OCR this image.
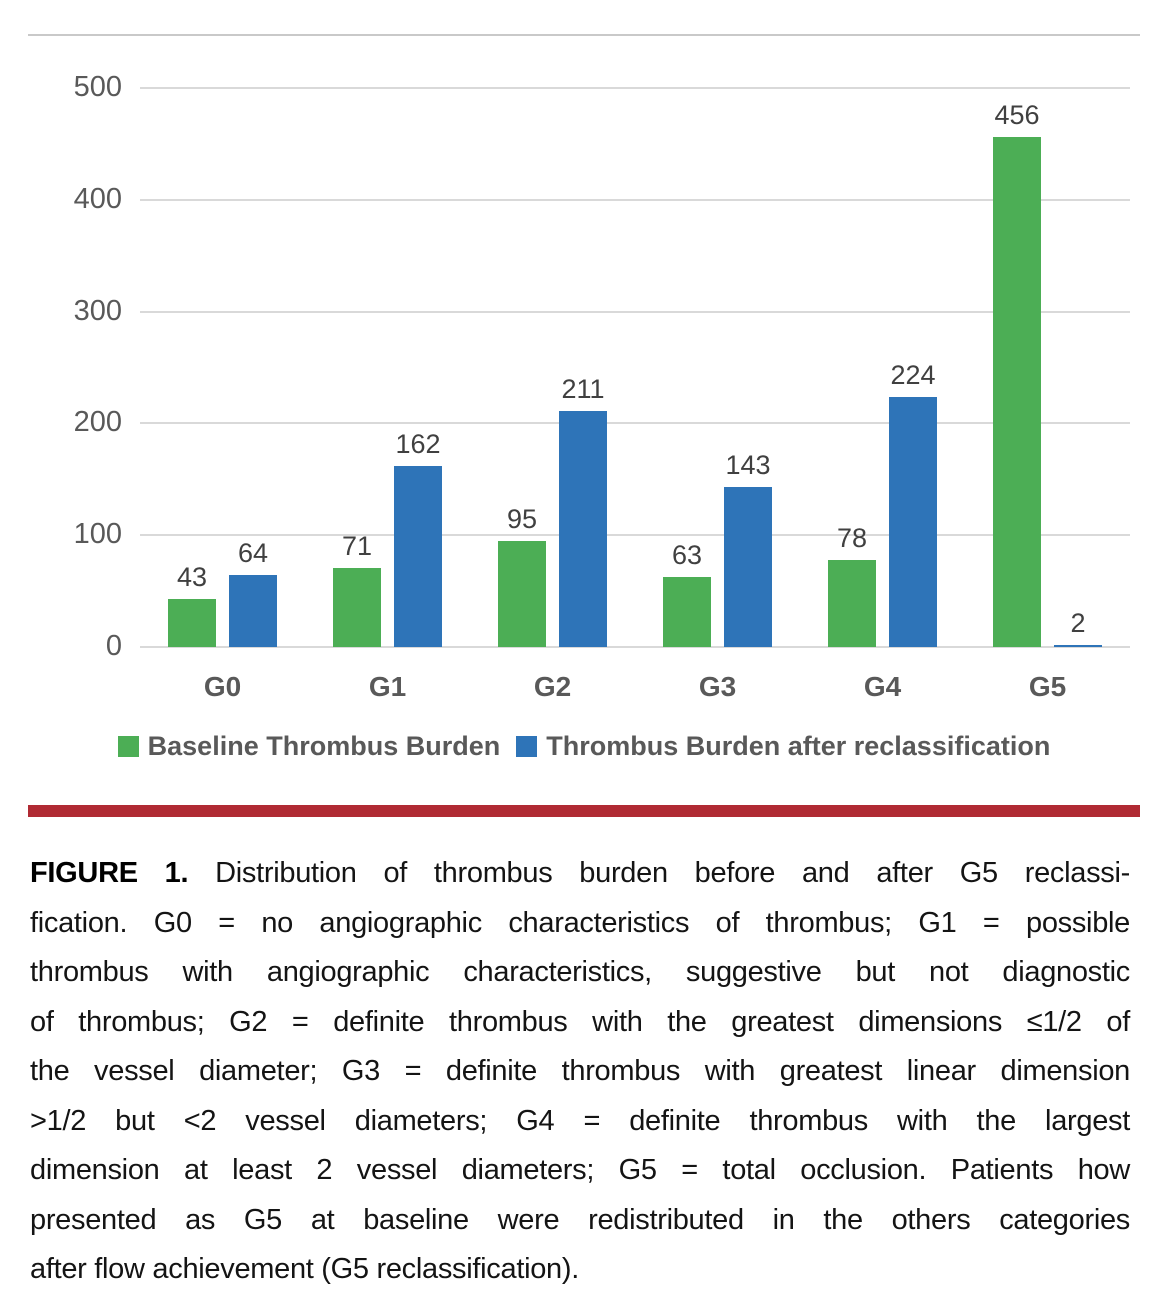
0
100
200
300
400
500
43
64
G0
71
162
G1
95
211
G2
63
143
G3
78
224
G4
456
2
G5
Baseline Thrombus Burden Thrombus Burden after reclassification
FIGURE 1. Distribution of thrombus burden before and after G5 reclassi-
fication. G0 = no angiographic characteristics of thrombus; G1 = possible
thrombus with angiographic characteristics, suggestive but not diagnostic
of thrombus; G2 = definite thrombus with the greatest dimensions ≤1/2 of
the vessel diameter; G3 = definite thrombus with greatest linear dimension
>1/2 but <2 vessel diameters; G4 = definite thrombus with the largest
dimension at least 2 vessel diameters; G5 = total occlusion. Patients how
presented as G5 at baseline were redistributed in the others categories
after flow achievement (G5 reclassification).
